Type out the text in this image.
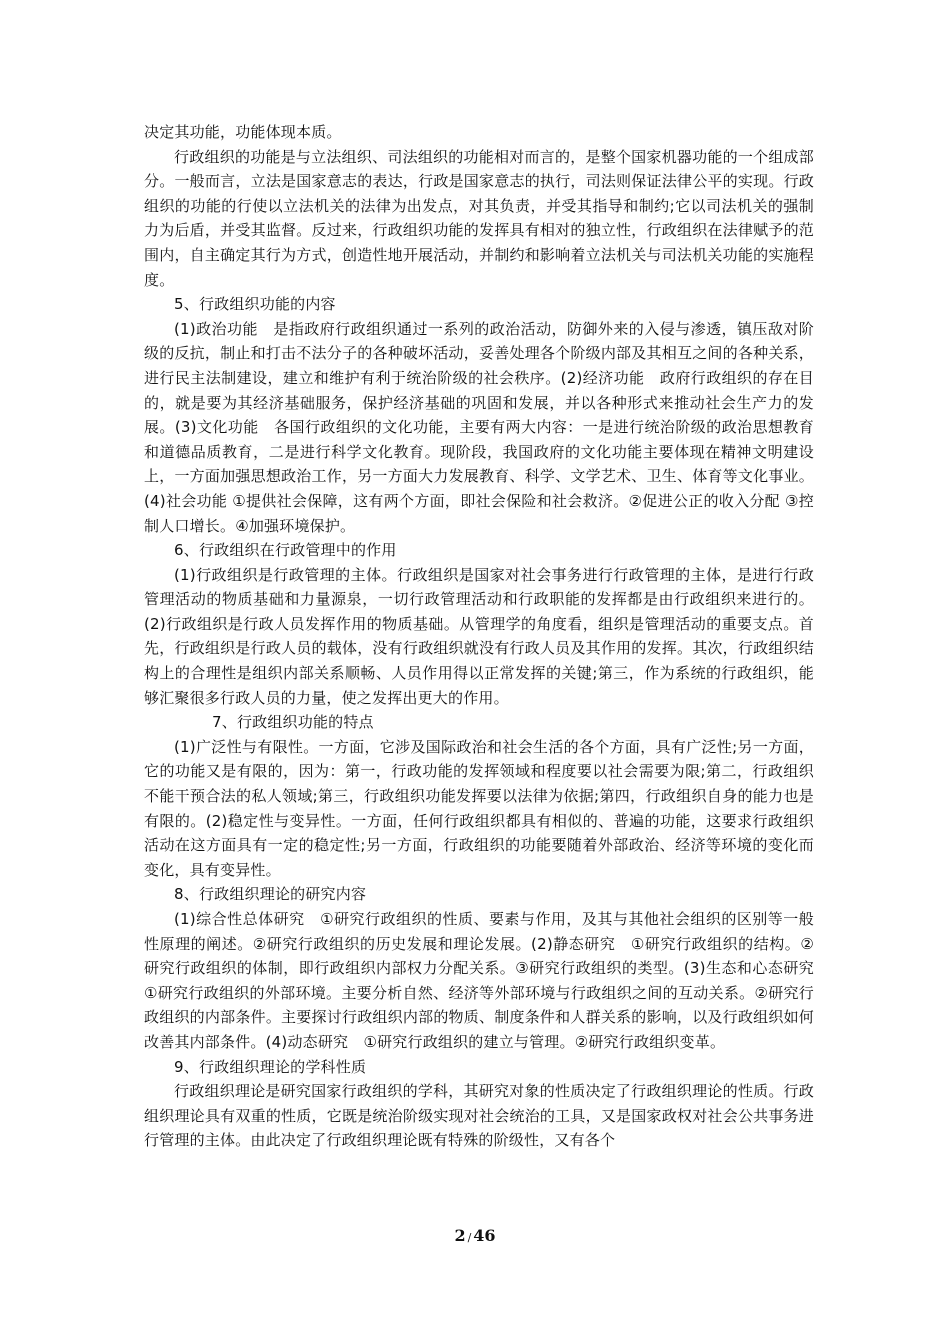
决定其功能，功能体现本质。

行政组织的功能是与立法组织、司法组织的功能相对而言的，是整个国家机器功能的一个组成部分。一般而言，立法是国家意志的表达，行政是国家意志的执行，司法则保证法律公平的实现。行政组织的功能的行使以立法机关的法律为出发点，对其负责，并受其指导和制约;它以司法机关的强制力为后盾，并受其监督。反过来，行政组织功能的发挥具有相对的独立性，行政组织在法律赋予的范围内，自主确定其行为方式，创造性地开展活动，并制约和影响着立法机关与司法机关功能的实施程度。

5、行政组织功能的内容

(1)政治功能　是指政府行政组织通过一系列的政治活动，防御外来的入侵与渗透，镇压敌对阶级的反抗，制止和打击不法分子的各种破坏活动，妥善处理各个阶级内部及其相互之间的各种关系，进行民主法制建设，建立和维护有利于统治阶级的社会秩序。(2)经济功能　政府行政组织的存在目的，就是要为其经济基础服务，保护经济基础的巩固和发展，并以各种形式来推动社会生产力的发展。(3)文化功能　各国行政组织的文化功能，主要有两大内容：一是进行统治阶级的政治思想教育和道德品质教育，二是进行科学文化教育。现阶段，我国政府的文化功能主要体现在精神文明建设上，一方面加强思想政治工作，另一方面大力发展教育、科学、文学艺术、卫生、体育等文化事业。(4)社会功能 ①提供社会保障，这有两个方面，即社会保险和社会救济。②促进公正的收入分配 ③控制人口增长。④加强环境保护。

6、行政组织在行政管理中的作用

(1)行政组织是行政管理的主体。行政组织是国家对社会事务进行行政管理的主体，是进行行政管理活动的物质基础和力量源泉，一切行政管理活动和行政职能的发挥都是由行政组织来进行的。(2)行政组织是行政人员发挥作用的物质基础。从管理学的角度看，组织是管理活动的重要支点。首先，行政组织是行政人员的载体，没有行政组织就没有行政人员及其作用的发挥。其次，行政组织结构上的合理性是组织内部关系顺畅、人员作用得以正常发挥的关键;第三，作为系统的行政组织，能够汇聚很多行政人员的力量，使之发挥出更大的作用。

7、行政组织功能的特点

(1)广泛性与有限性。一方面，它涉及国际政治和社会生活的各个方面，具有广泛性;另一方面，它的功能又是有限的，因为：第一，行政功能的发挥领域和程度要以社会需要为限;第二，行政组织不能干预合法的私人领域;第三，行政组织功能发挥要以法律为依据;第四，行政组织自身的能力也是有限的。(2)稳定性与变异性。一方面，任何行政组织都具有相似的、普遍的功能，这要求行政组织活动在这方面具有一定的稳定性;另一方面，行政组织的功能要随着外部政治、经济等环境的变化而变化，具有变异性。

8、行政组织理论的研究内容

(1)综合性总体研究　①研究行政组织的性质、要素与作用，及其与其他社会组织的区别等一般性原理的阐述。②研究行政组织的历史发展和理论发展。(2)静态研究　①研究行政组织的结构。②研究行政组织的体制，即行政组织内部权力分配关系。③研究行政组织的类型。(3)生态和心态研究　①研究行政组织的外部环境。主要分析自然、经济等外部环境与行政组织之间的互动关系。②研究行政组织的内部条件。主要探讨行政组织内部的物质、制度条件和人群关系的影响，以及行政组织如何改善其内部条件。(4)动态研究　①研究行政组织的建立与管理。②研究行政组织变革。

9、行政组织理论的学科性质

行政组织理论是研究国家行政组织的学科，其研究对象的性质决定了行政组织理论的性质。行政组织理论具有双重的性质，它既是统治阶级实现对社会统治的工具，又是国家政权对社会公共事务进行管理的主体。由此决定了行政组织理论既有特殊的阶级性，又有各个

2 / 46
